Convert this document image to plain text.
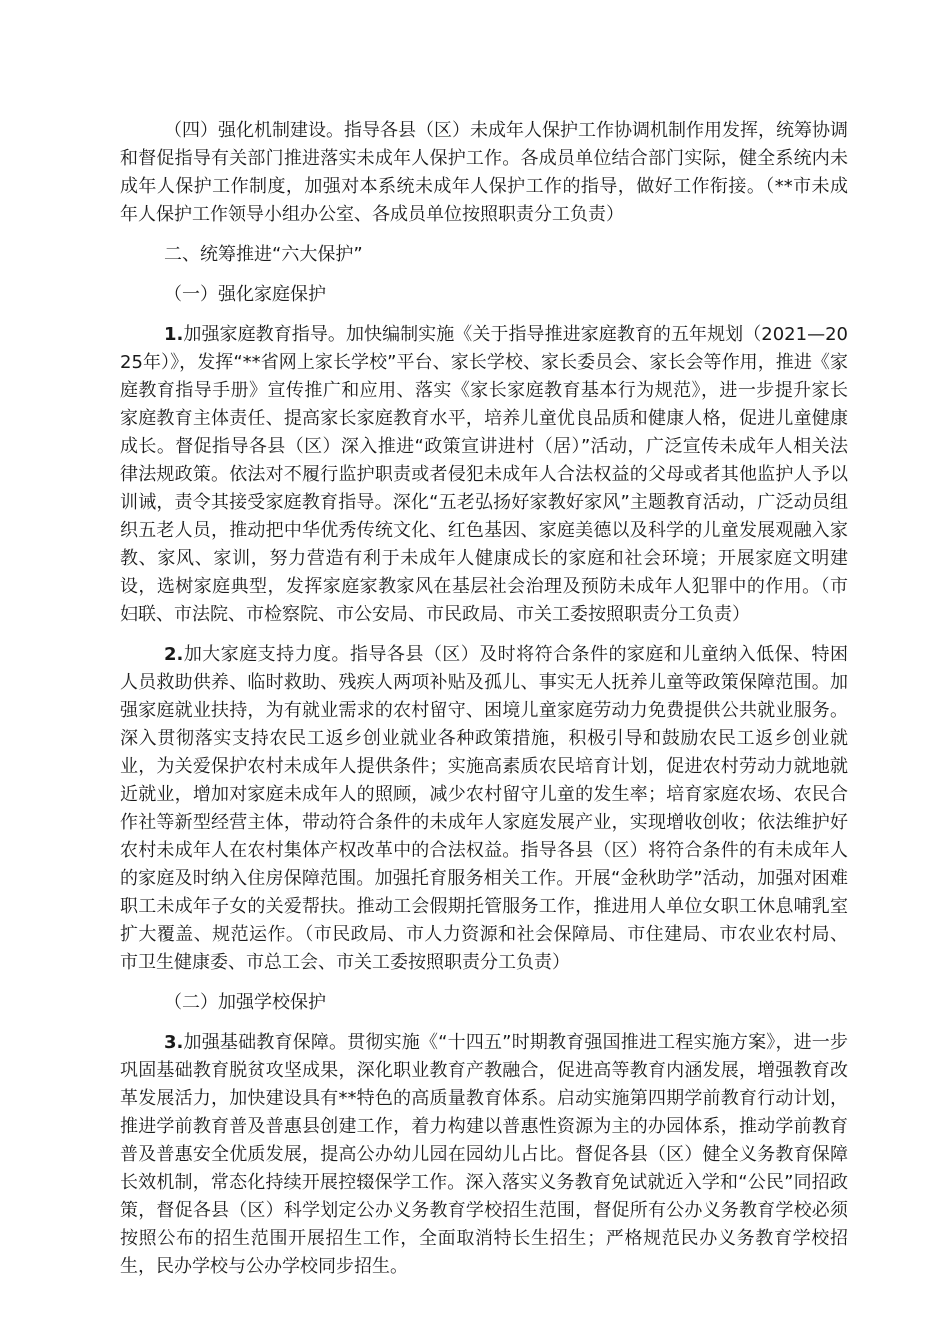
（四）强化机制建设。指导各县（区）未成年人保护工作协调机制作用发挥，统筹协调和督促指导有关部门推进落实未成年人保护工作。各成员单位结合部门实际，健全系统内未成年人保护工作制度，加强对本系统未成年人保护工作的指导，做好工作衔接。（**市未成年人保护工作领导小组办公室、各成员单位按照职责分工负责）

二、统筹推进“六大保护”

（一）强化家庭保护

1.加强家庭教育指导。加快编制实施《关于指导推进家庭教育的五年规划（2021—2025年）》，发挥“**省网上家长学校”平台、家长学校、家长委员会、家长会等作用，推进《家庭教育指导手册》宣传推广和应用、落实《家长家庭教育基本行为规范》，进一步提升家长家庭教育主体责任、提高家长家庭教育水平，培养儿童优良品质和健康人格，促进儿童健康成长。督促指导各县（区）深入推进“政策宣讲进村（居）”活动，广泛宣传未成年人相关法律法规政策。依法对不履行监护职责或者侵犯未成年人合法权益的父母或者其他监护人予以训诫，责令其接受家庭教育指导。深化“五老弘扬好家教好家风”主题教育活动，广泛动员组织五老人员，推动把中华优秀传统文化、红色基因、家庭美德以及科学的儿童发展观融入家教、家风、家训，努力营造有利于未成年人健康成长的家庭和社会环境；开展家庭文明建设，选树家庭典型，发挥家庭家教家风在基层社会治理及预防未成年人犯罪中的作用。（市妇联、市法院、市检察院、市公安局、市民政局、市关工委按照职责分工负责）

2.加大家庭支持力度。指导各县（区）及时将符合条件的家庭和儿童纳入低保、特困人员救助供养、临时救助、残疾人两项补贴及孤儿、事实无人抚养儿童等政策保障范围。加强家庭就业扶持，为有就业需求的农村留守、困境儿童家庭劳动力免费提供公共就业服务。深入贯彻落实支持农民工返乡创业就业各种政策措施，积极引导和鼓励农民工返乡创业就业，为关爱保护农村未成年人提供条件；实施高素质农民培育计划，促进农村劳动力就地就近就业，增加对家庭未成年人的照顾，减少农村留守儿童的发生率；培育家庭农场、农民合作社等新型经营主体，带动符合条件的未成年人家庭发展产业，实现增收创收；依法维护好农村未成年人在农村集体产权改革中的合法权益。指导各县（区）将符合条件的有未成年人的家庭及时纳入住房保障范围。加强托育服务相关工作。开展“金秋助学”活动，加强对困难职工未成年子女的关爱帮扶。推动工会假期托管服务工作，推进用人单位女职工休息哺乳室扩大覆盖、规范运作。（市民政局、市人力资源和社会保障局、市住建局、市农业农村局、市卫生健康委、市总工会、市关工委按照职责分工负责）

（二）加强学校保护

3.加强基础教育保障。贯彻实施《“十四五”时期教育强国推进工程实施方案》，进一步巩固基础教育脱贫攻坚成果，深化职业教育产教融合，促进高等教育内涵发展，增强教育改革发展活力，加快建设具有**特色的高质量教育体系。启动实施第四期学前教育行动计划，推进学前教育普及普惠县创建工作，着力构建以普惠性资源为主的办园体系，推动学前教育普及普惠安全优质发展，提高公办幼儿园在园幼儿占比。督促各县（区）健全义务教育保障长效机制，常态化持续开展控辍保学工作。深入落实义务教育免试就近入学和“公民”同招政策，督促各县（区）科学划定公办义务教育学校招生范围，督促所有公办义务教育学校必须按照公布的招生范围开展招生工作，全面取消特长生招生；严格规范民办义务教育学校招生，民办学校与公办学校同步招生。
